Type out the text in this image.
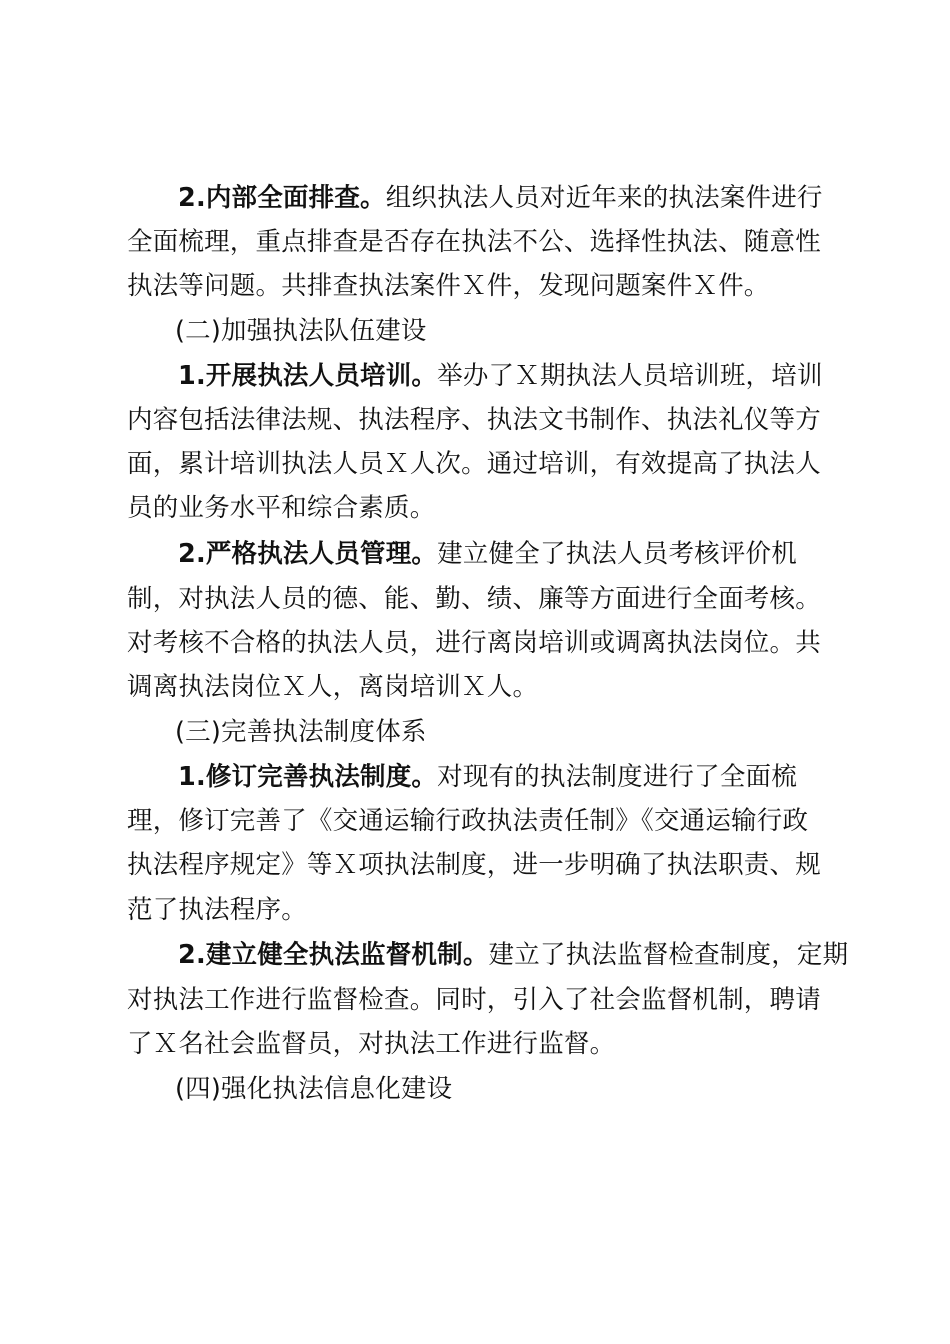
2.内部全面排查。组织执法人员对近年来的执法案件进行
全面梳理，重点排查是否存在执法不公、选择性执法、随意性
执法等问题。共排查执法案件Ｘ件，发现问题案件Ｘ件。
(二)加强执法队伍建设
1.开展执法人员培训。举办了Ｘ期执法人员培训班，培训
内容包括法律法规、执法程序、执法文书制作、执法礼仪等方
面，累计培训执法人员Ｘ人次。通过培训，有效提高了执法人
员的业务水平和综合素质。
2.严格执法人员管理。建立健全了执法人员考核评价机
制，对执法人员的德、能、勤、绩、廉等方面进行全面考核。
对考核不合格的执法人员，进行离岗培训或调离执法岗位。共
调离执法岗位Ｘ人，离岗培训Ｘ人。
(三)完善执法制度体系
1.修订完善执法制度。对现有的执法制度进行了全面梳
理，修订完善了《交通运输行政执法责任制》《交通运输行政
执法程序规定》等Ｘ项执法制度，进一步明确了执法职责、规
范了执法程序。
2.建立健全执法监督机制。建立了执法监督检查制度，定期
对执法工作进行监督检查。同时，引入了社会监督机制，聘请
了Ｘ名社会监督员，对执法工作进行监督。
(四)强化执法信息化建设
